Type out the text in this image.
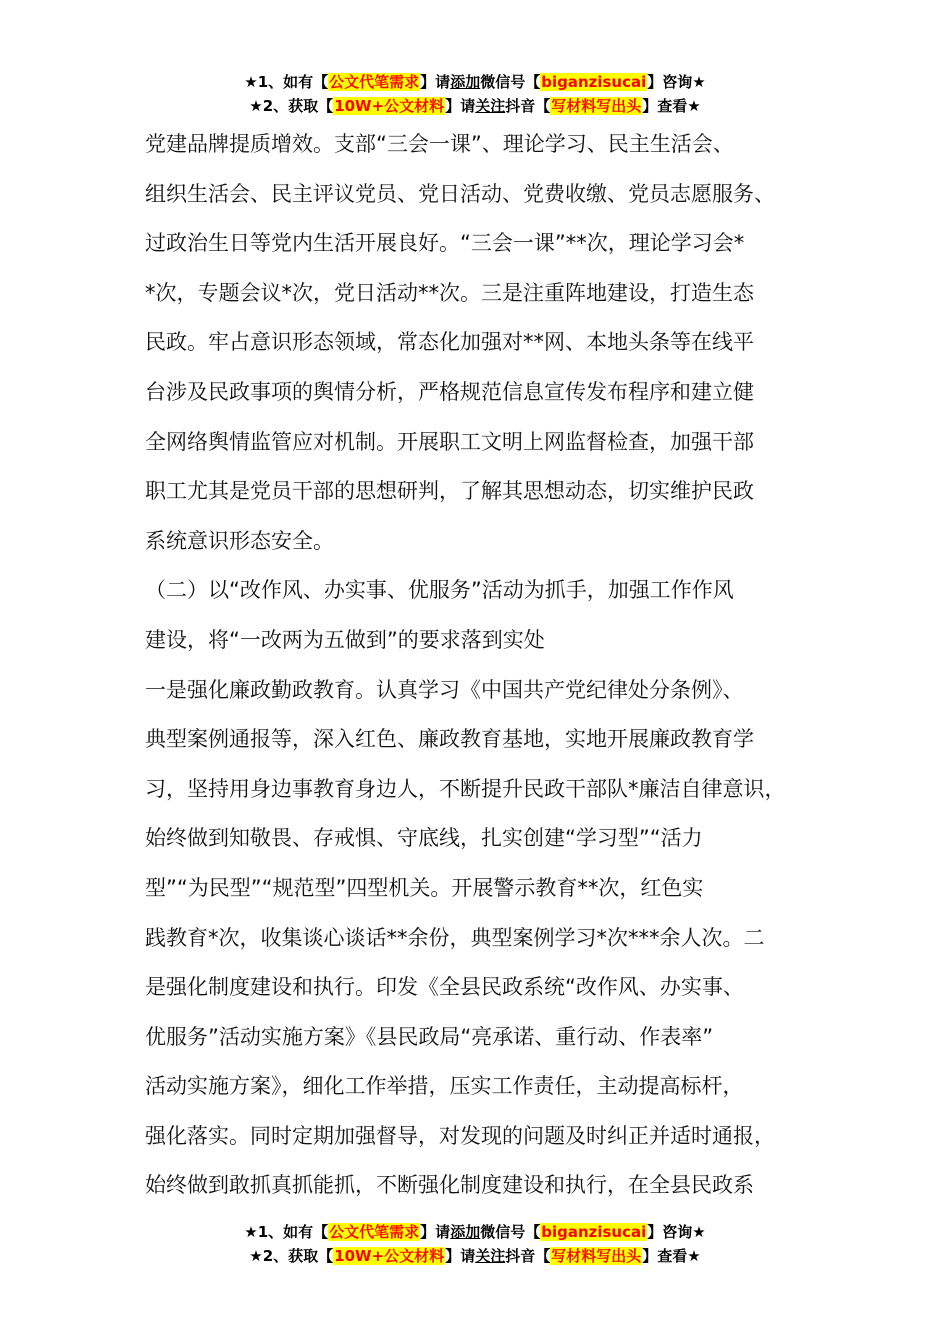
★1、如有【公文代笔需求】请添加微信号【biganzisucai】咨询★
★2、获取【10W+公文材料】请关注抖音【写材料写出头】查看★
党建品牌提质增效。支部“三会一课”、理论学习、民主生活会、
组织生活会、民主评议党员、党日活动、党费收缴、党员志愿服务、
过政治生日等党内生活开展良好。“三会一课”**次，理论学习会*
*次，专题会议*次，党日活动**次。三是注重阵地建设，打造生态
民政。牢占意识形态领域，常态化加强对**网、本地头条等在线平
台涉及民政事项的舆情分析，严格规范信息宣传发布程序和建立健
全网络舆情监管应对机制。开展职工文明上网监督检查，加强干部
职工尤其是党员干部的思想研判，了解其思想动态，切实维护民政
系统意识形态安全。
（二）以“改作风、办实事、优服务”活动为抓手，加强工作作风
建设，将“一改两为五做到”的要求落到实处
一是强化廉政勤政教育。认真学习《中国共产党纪律处分条例》、
典型案例通报等，深入红色、廉政教育基地，实地开展廉政教育学
习，坚持用身边事教育身边人，不断提升民政干部队*廉洁自律意识，
始终做到知敬畏、存戒惧、守底线，扎实创建“学习型”“活力
型”“为民型”“规范型”四型机关。开展警示教育**次，红色实
践教育*次，收集谈心谈话**余份，典型案例学习*次***余人次。二
是强化制度建设和执行。印发《全县民政系统“改作风、办实事、
优服务”活动实施方案》《县民政局“亮承诺、重行动、作表率”
活动实施方案》，细化工作举措，压实工作责任，主动提高标杆，
强化落实。同时定期加强督导，对发现的问题及时纠正并适时通报，
始终做到敢抓真抓能抓，不断强化制度建设和执行，在全县民政系
★1、如有【公文代笔需求】请添加微信号【biganzisucai】咨询★
★2、获取【10W+公文材料】请关注抖音【写材料写出头】查看★
